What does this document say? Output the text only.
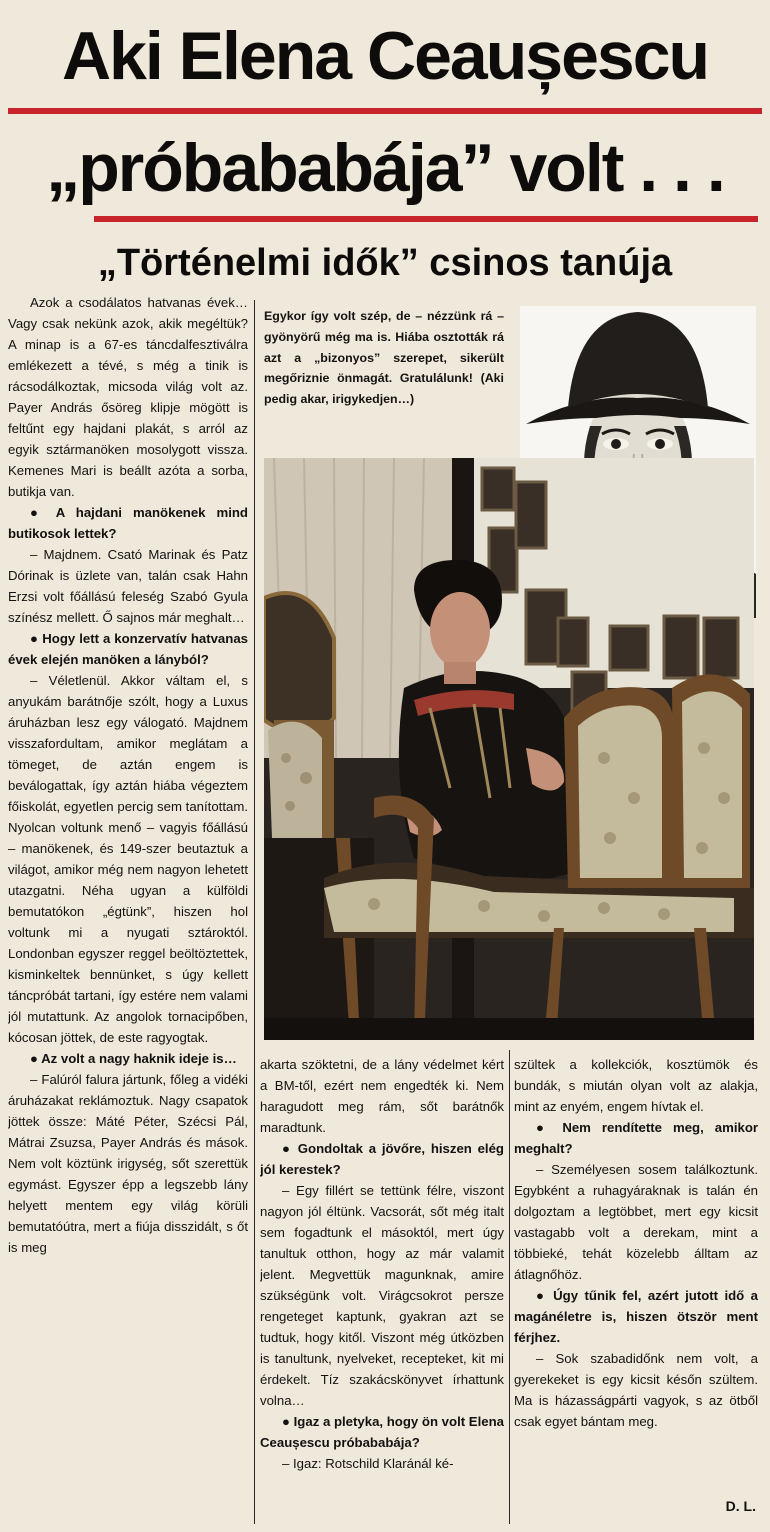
Aki Elena Ceaușescu
„próbababája” volt . . .
„Történelmi idők” csinos tanúja

Azok a csodálatos hatvanas évek… Vagy csak nekünk azok, akik megéltük? A minap is a 67-es táncdalfesztiválra emlékezett a tévé, s még a tinik is rácsodálkoztak, micsoda világ volt az. Payer András ősöreg klipje mögött is feltűnt egy hajdani plakát, s arról az egyik sztármanöken mosolygott vissza. Kemenes Mari is beállt azóta a sorba, butikja van.

● A hajdani manökenek mind butikosok lettek?

– Majdnem. Csató Marinak és Patz Dórinak is üzlete van, talán csak Hahn Erzsi volt főállású feleség Szabó Gyula színész mellett. Ő sajnos már meghalt…

● Hogy lett a konzervatív hatvanas évek elején manöken a lányból?

– Véletlenül. Akkor váltam el, s anyukám barátnője szólt, hogy a Luxus áruházban lesz egy válogató. Majdnem visszafordultam, amikor meglátam a tömeget, de aztán engem is beválogattak, így aztán hiába végeztem főiskolát, egyetlen percig sem tanítottam. Nyolcan voltunk menő – vagyis főállású – manökenek, és 149-szer beutaztuk a világot, amikor még nem nagyon lehetett utazgatni. Néha ugyan a külföldi bemutatókon „égtünk”, hiszen hol voltunk mi a nyugati sztároktól. Londonban egyszer reggel beöltöztettek, kisminkeltek bennünket, s úgy kellett táncpróbát tartani, így estére nem valami jól mutattunk. Az angolok tornacipőben, kócosan jöttek, de este ragyogtak.

● Az volt a nagy haknik ideje is…

– Falúról falura jártunk, főleg a vidéki áruházakat reklámoztuk. Nagy csapatok jöttek össze: Máté Péter, Szécsi Pál, Mátrai Zsuzsa, Payer András és mások. Nem volt köztünk irigység, sőt szerettük egymást. Egyszer épp a legszebb lány helyett mentem egy világ körüli bemutatóútra, mert a fiúja disszidált, s őt is meg

Egykor így volt szép, de – nézzünk rá – gyönyörű még ma is. Hiába osztották rá azt a „bizonyos” szerepet, sikerült megőriznie önmagát. Gratulálunk! (Aki pedig akar, irigykedjen…)

akarta szöktetni, de a lány védelmet kért a BM-től, ezért nem engedték ki. Nem haragudott meg rám, sőt barátnők maradtunk.

● Gondoltak a jövőre, hiszen elég jól kerestek?

– Egy fillért se tettünk félre, viszont nagyon jól éltünk. Vacsorát, sőt még italt sem fogadtunk el másoktól, mert úgy tanultuk otthon, hogy az már valamit jelent. Megvettük magunknak, amire szükségünk volt. Virágcsokrot persze rengeteget kaptunk, gyakran azt se tudtuk, hogy kitől. Viszont még útközben is tanultunk, nyelveket, recepteket, kit mi érdekelt. Tíz szakácskönyvet írhattunk volna…

● Igaz a pletyka, hogy ön volt Elena Ceaușescu próbababája?

– Igaz: Rotschild Klaránál ké-

szültek a kollekciók, kosztümök és bundák, s miután olyan volt az alakja, mint az enyém, engem hívtak el.

● Nem rendítette meg, amikor meghalt?

– Személyesen sosem találkoztunk. Egybként a ruhagyáraknak is talán én dolgoztam a legtöbbet, mert egy kicsit vastagabb volt a derekam, mint a többieké, tehát közelebb álltam az átlagnőhöz.

● Úgy tűnik fel, azért jutott idő a magánéletre is, hiszen ötször ment férjhez.

– Sok szabadidőnk nem volt, a gyerekeket is egy kicsit későn szültem. Ma is házasságpárti vagyok, s az ötből csak egyet bántam meg.

D. L.
